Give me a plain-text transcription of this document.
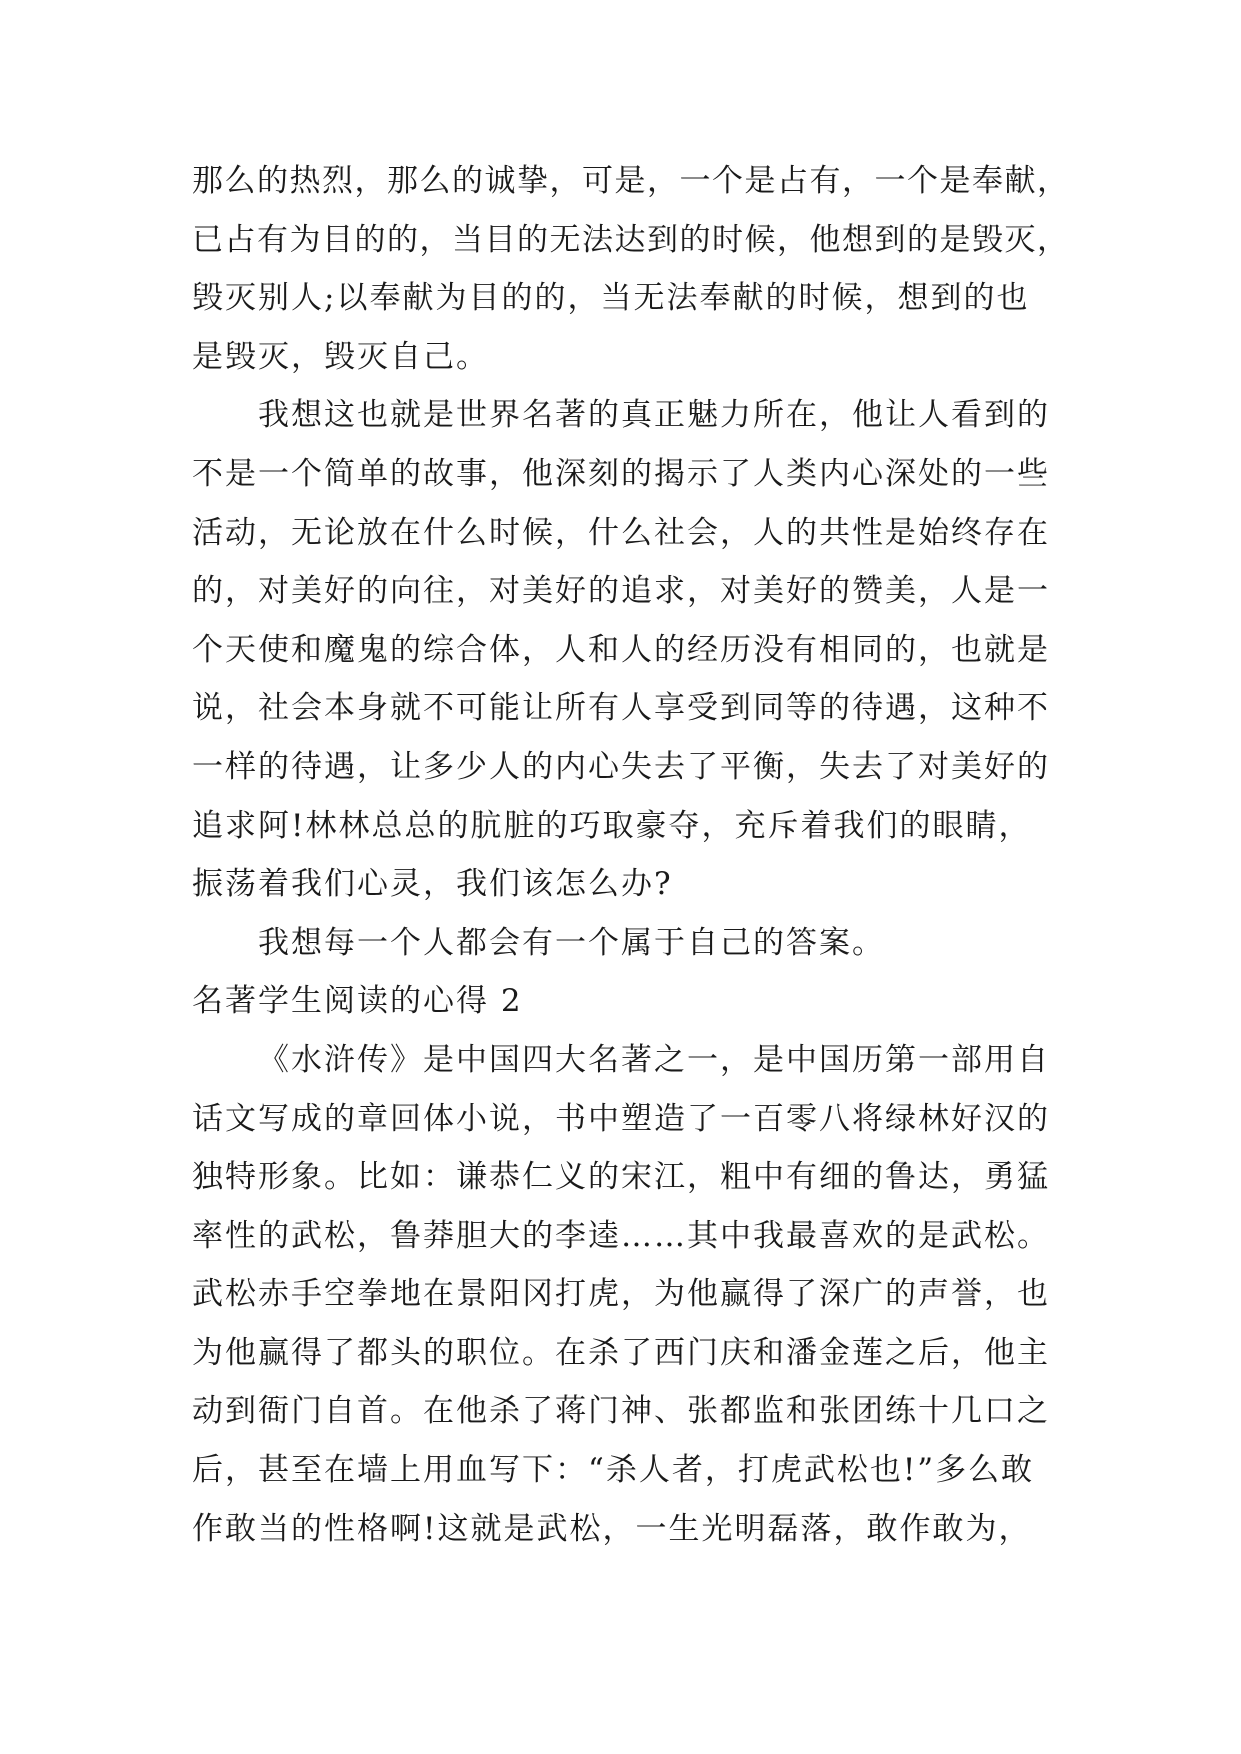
那么的热烈，那么的诚挚，可是，一个是占有，一个是奉献，
已占有为目的的，当目的无法达到的时候，他想到的是毁灭，
毁灭别人;以奉献为目的的，当无法奉献的时候，想到的也
是毁灭，毁灭自己。
我想这也就是世界名著的真正魅力所在，他让人看到的
不是一个简单的故事，他深刻的揭示了人类内心深处的一些
活动，无论放在什么时候，什么社会，人的共性是始终存在
的，对美好的向往，对美好的追求，对美好的赞美，人是一
个天使和魔鬼的综合体，人和人的经历没有相同的，也就是
说，社会本身就不可能让所有人享受到同等的待遇，这种不
一样的待遇，让多少人的内心失去了平衡，失去了对美好的
追求阿!林林总总的肮脏的巧取豪夺，充斥着我们的眼睛，
振荡着我们心灵，我们该怎么办?
我想每一个人都会有一个属于自己的答案。
名著学生阅读的心得 2
《水浒传》是中国四大名著之一，是中国历第一部用自
话文写成的章回体小说，书中塑造了一百零八将绿林好汉的
独特形象。比如：谦恭仁义的宋江，粗中有细的鲁达，勇猛
率性的武松，鲁莽胆大的李逵……其中我最喜欢的是武松。
武松赤手空拳地在景阳冈打虎，为他赢得了深广的声誉，也
为他赢得了都头的职位。在杀了西门庆和潘金莲之后，他主
动到衙门自首。在他杀了蒋门神、张都监和张团练十几口之
后，甚至在墙上用血写下：“杀人者，打虎武松也!”多么敢
作敢当的性格啊!这就是武松，一生光明磊落，敢作敢为，
